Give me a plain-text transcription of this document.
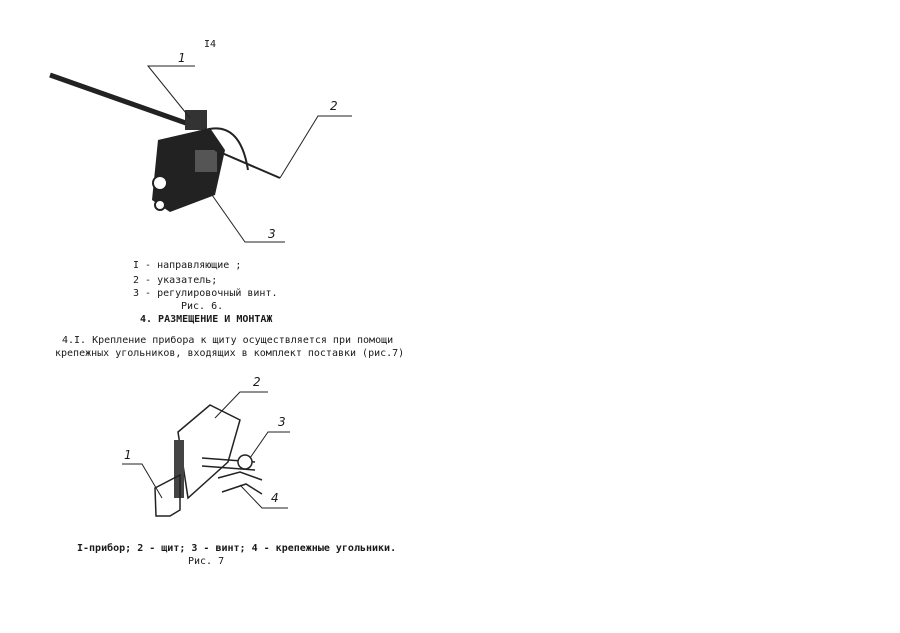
I4
1
2
3
I - направляющие ;
2 - указатель;
3 - регулировочный винт.
Рис. 6.
4. РАЗМЕЩЕНИЕ И МОНТАЖ
4.I. Крепление прибора к щиту осуществляется при помощи
крепежных угольников, входящих в комплект поставки (рис.7)
2
3
1
4
I-прибор; 2 - щит; 3 - винт; 4 - крепежные угольники.
Рис. 7
